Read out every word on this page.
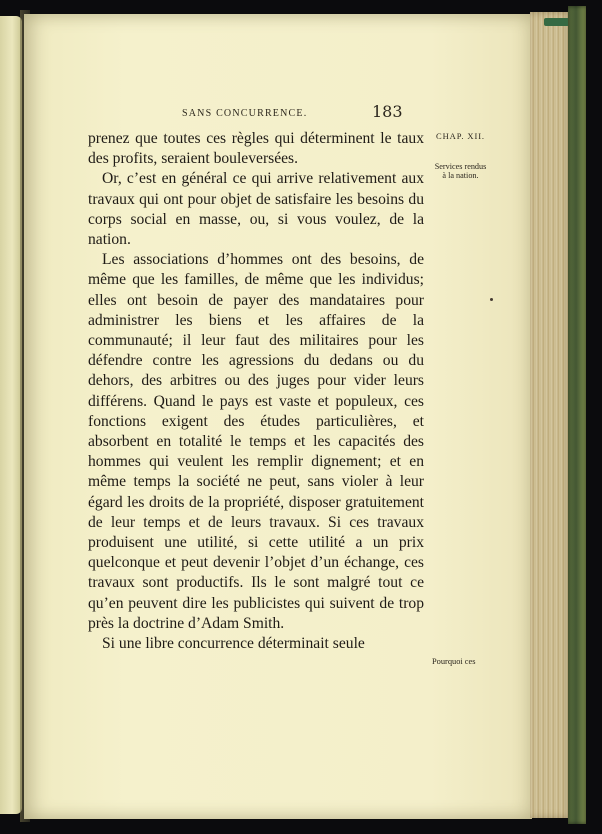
SANS CONCURRENCE.	183

prenez que toutes ces règles qui déterminent le taux des profits, seraient bouleversées.

Or, c’est en général ce qui arrive relativement aux travaux qui ont pour objet de satisfaire les besoins du corps social en masse, ou, si vous voulez, de la nation.

Les associations d’hommes ont des besoins, de même que les familles, de même que les individus; elles ont besoin de payer des mandataires pour administrer les biens et les affaires de la communauté; il leur faut des militaires pour les défendre contre les agressions du dedans ou du dehors, des arbitres ou des juges pour vider leurs différens. Quand le pays est vaste et populeux, ces fonctions exigent des études particulières, et absorbent en totalité le temps et les capacités des hommes qui veulent les remplir dignement; et en même temps la société ne peut, sans violer à leur égard les droits de la propriété, disposer gratuitement de leur temps et de leurs travaux. Si ces travaux produisent une utilité, si cette utilité a un prix quelconque et peut devenir l’objet d’un échange, ces travaux sont productifs. Ils le sont malgré tout ce qu’en peuvent dire les publicistes qui suivent de trop près la doctrine d’Adam Smith.

Si une libre concurrence déterminait seule

CHAP. XII.
Services rendus à la nation.
Pourquoi ces
